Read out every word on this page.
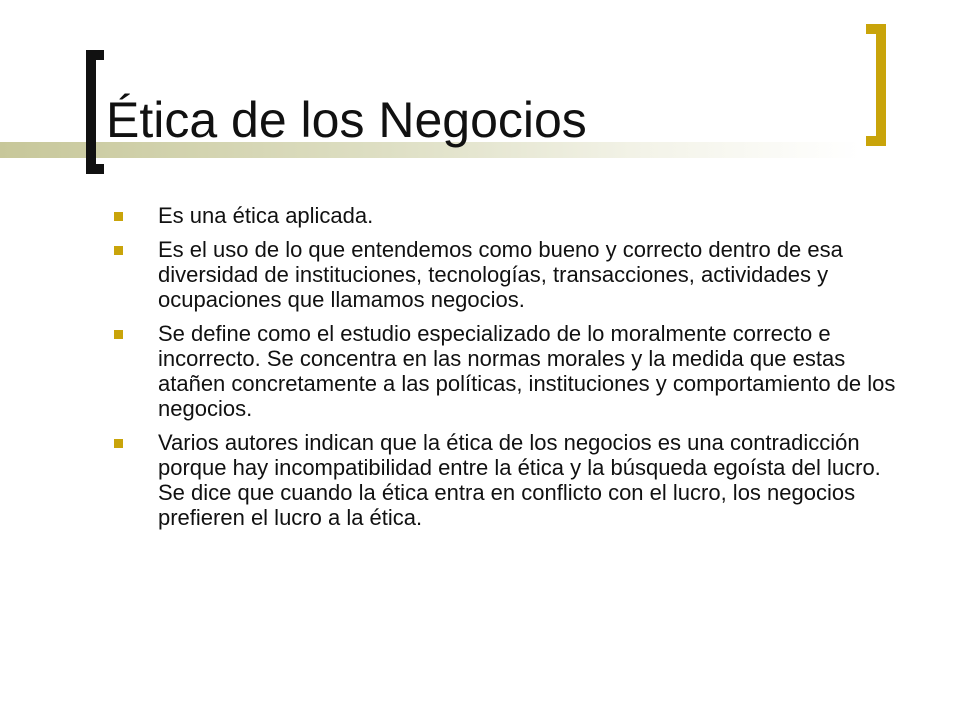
Ética de los Negocios
Es una ética aplicada.
Es el uso de lo que entendemos como bueno y correcto dentro de esa diversidad de instituciones, tecnologías, transacciones, actividades y ocupaciones que llamamos negocios.
Se define como el estudio especializado de lo moralmente correcto e incorrecto. Se concentra en las normas morales y la medida que estas atañen concretamente a las políticas, instituciones y comportamiento de los negocios.
Varios autores indican que la ética de los negocios es una contradicción porque hay incompatibilidad entre la ética y la búsqueda egoísta del lucro. Se dice que cuando la ética entra en conflicto con el lucro, los negocios prefieren el lucro a la ética.
